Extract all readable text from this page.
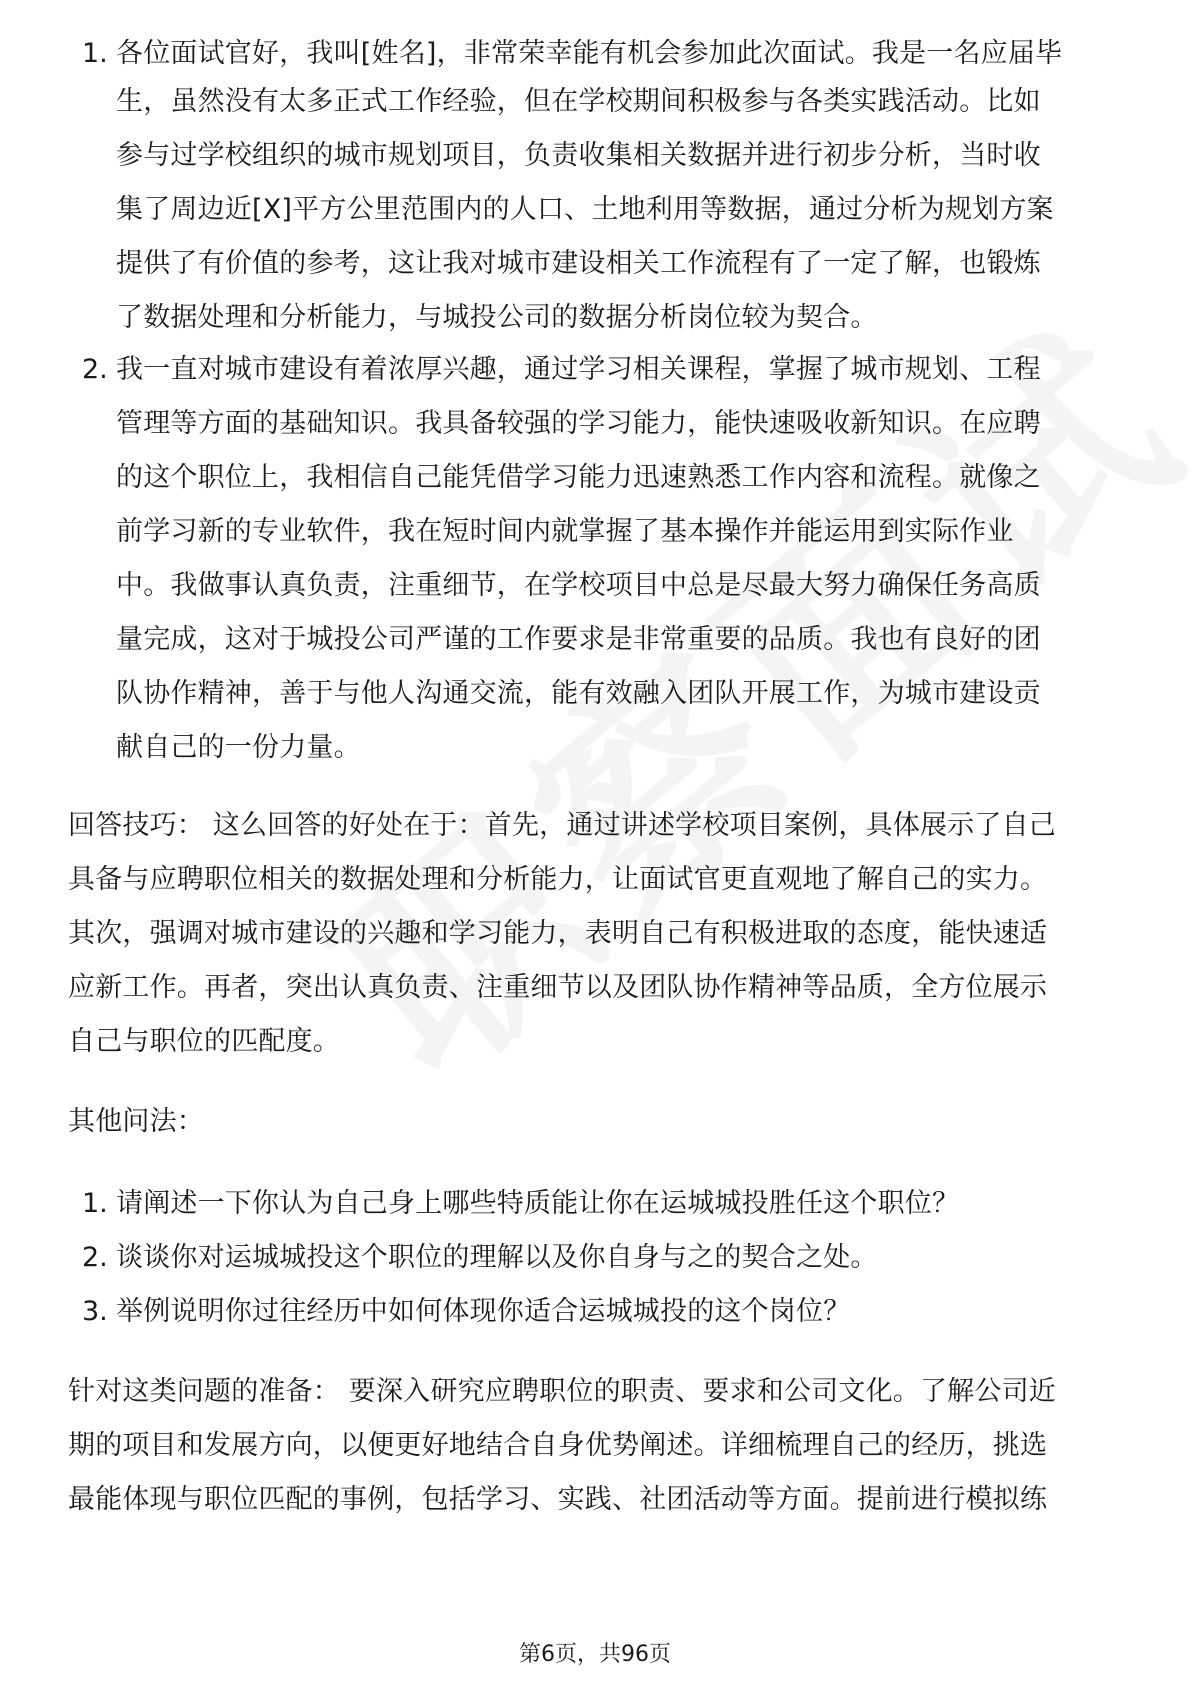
1. 各位面试官好，我叫[姓名]，非常荣幸能有机会参加此次面试。我是一名应届毕
生，虽然没有太多正式工作经验，但在学校期间积极参与各类实践活动。比如
参与过学校组织的城市规划项目，负责收集相关数据并进行初步分析，当时收
集了周边近[X]平方公里范围内的人口、土地利用等数据，通过分析为规划方案
提供了有价值的参考，这让我对城市建设相关工作流程有了一定了解，也锻炼
了数据处理和分析能力，与城投公司的数据分析岗位较为契合。
2. 我一直对城市建设有着浓厚兴趣，通过学习相关课程，掌握了城市规划、工程
管理等方面的基础知识。我具备较强的学习能力，能快速吸收新知识。在应聘
的这个职位上，我相信自己能凭借学习能力迅速熟悉工作内容和流程。就像之
前学习新的专业软件，我在短时间内就掌握了基本操作并能运用到实际作业
中。我做事认真负责，注重细节，在学校项目中总是尽最大努力确保任务高质
量完成，这对于城投公司严谨的工作要求是非常重要的品质。我也有良好的团
队协作精神，善于与他人沟通交流，能有效融入团队开展工作，为城市建设贡
献自己的一份力量。
回答技巧： 这么回答的好处在于：首先，通过讲述学校项目案例，具体展示了自己
具备与应聘职位相关的数据处理和分析能力，让面试官更直观地了解自己的实力。
其次，强调对城市建设的兴趣和学习能力，表明自己有积极进取的态度，能快速适
应新工作。再者，突出认真负责、注重细节以及团队协作精神等品质，全方位展示
自己与职位的匹配度。
其他问法：
1. 请阐述一下你认为自己身上哪些特质能让你在运城城投胜任这个职位？
2. 谈谈你对运城城投这个职位的理解以及你自身与之的契合之处。
3. 举例说明你过往经历中如何体现你适合运城城投的这个岗位？
针对这类问题的准备： 要深入研究应聘职位的职责、要求和公司文化。了解公司近
期的项目和发展方向，以便更好地结合自身优势阐述。详细梳理自己的经历，挑选
最能体现与职位匹配的事例，包括学习、实践、社团活动等方面。提前进行模拟练
第6页，共96页
